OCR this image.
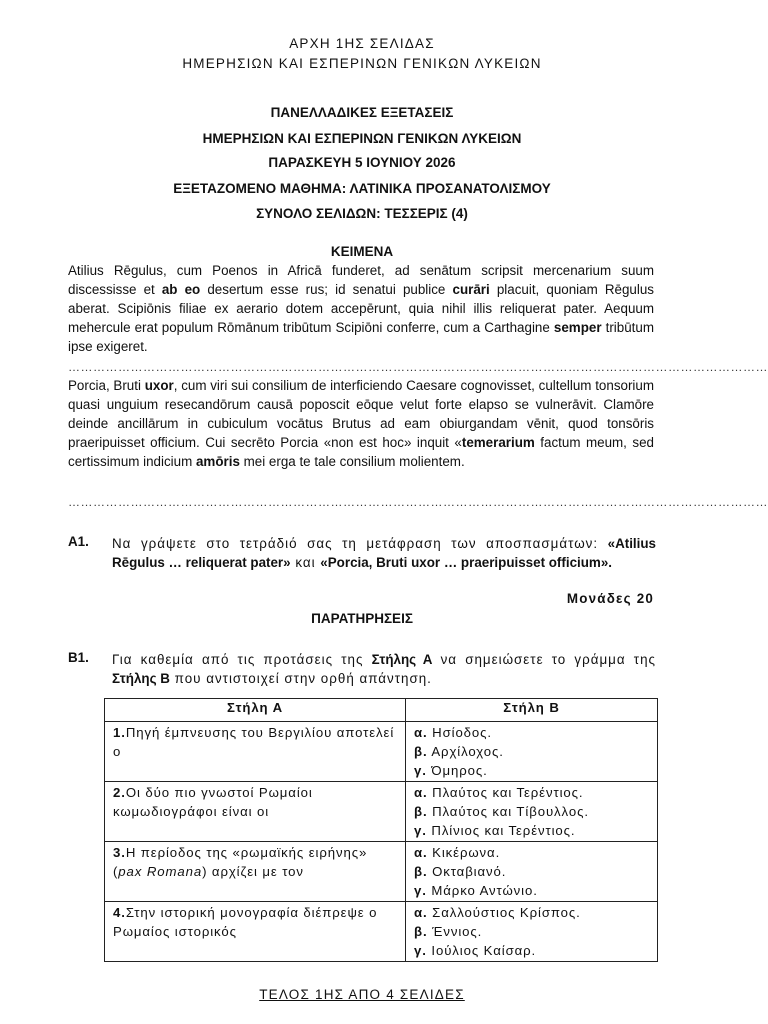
ΑΡΧΗ 1ΗΣ ΣΕΛΙΔΑΣ
ΗΜΕΡΗΣΙΩΝ ΚΑΙ ΕΣΠΕΡΙΝΩΝ ΓΕΝΙΚΩΝ ΛΥΚΕΙΩΝ
ΠΑΝΕΛΛΑΔΙΚΕΣ ΕΞΕΤΑΣΕΙΣ
ΗΜΕΡΗΣΙΩΝ ΚΑΙ ΕΣΠΕΡΙΝΩΝ ΓΕΝΙΚΩΝ ΛΥΚΕΙΩΝ
ΠΑΡΑΣΚΕΥΗ 5 ΙΟΥΝΙΟΥ 2026
ΕΞΕΤΑΖΟΜΕΝΟ ΜΑΘΗΜΑ: ΛΑΤΙΝΙΚΑ ΠΡΟΣΑΝΑΤΟΛΙΣΜΟΥ
ΣΥΝΟΛΟ ΣΕΛΙΔΩΝ: ΤΕΣΣΕΡΙΣ (4)
ΚΕΙΜΕΝΑ
Atilius Rēgulus, cum Poenos in Africā funderet, ad senātum scripsit mercenarium suum discessisse et ab eo desertum esse rus; id senatui publice curāri placuit, quoniam Rēgulus aberat. Scipiōnis filiae ex aerario dotem accepērunt, quia nihil illis reliquerat pater. Aequum mehercule erat populum Rōmānum tribūtum Scipiōni conferre, cum a Carthagine semper tribūtum ipse exigeret.
……………………………………………………………………………………………………………………………………………………
Porcia, Bruti uxor, cum viri sui consilium de interficiendo Caesare cognovisset, cultellum tonsorium quasi unguium resecandōrum causā poposcit eōque velut forte elapso se vulnerāvit. Clamōre deinde ancillārum in cubiculum vocātus Brutus ad eam obiurgandam vēnit, quod tonsōris praeripuisset officium. Cui secrēto Porcia «non est hoc» inquit «temerarium factum meum, sed certissimum indicium amōris mei erga te tale consilium molientem.
……………………………………………………………………………………………………………………………………………………
A1. Να γράψετε στο τετράδιό σας τη μετάφραση των αποσπασμάτων: «Atilius Rēgulus … reliquerat pater» και «Porcia, Bruti uxor … praeripuisset officium».
Μονάδες 20
ΠΑΡΑΤΗΡΗΣΕΙΣ
B1. Για καθεμία από τις προτάσεις της Στήλης Α να σημειώσετε το γράμμα της Στήλης Β που αντιστοιχεί στην ορθή απάντηση.
Στήλη Α	Στήλη Β
1.Πηγή έμπνευσης του Βεργιλίου αποτελεί ο	α. Ησίοδος.
β. Αρχίλοχος.
γ. Όμηρος.

2.Οι δύο πιο γνωστοί Ρωμαίοι κωμωδιογράφοι είναι οι	α. Πλαύτος και Τερέντιος.
β. Πλαύτος και Τίβουλλος.
γ. Πλίνιος και Τερέντιος.

3.Η περίοδος της «ρωμαϊκής ειρήνης» (pax Romana) αρχίζει με τον	α. Κικέρωνα.
β. Οκταβιανό.
γ. Μάρκο Αντώνιο.

4.Στην ιστορική μονογραφία διέπρεψε ο Ρωμαίος ιστορικός	α. Σαλλούστιος Κρίσπος.
β. Έννιος.
γ. Ιούλιος Καίσαρ.
ΤΕΛΟΣ 1ΗΣ ΑΠΟ 4 ΣΕΛΙΔΕΣ
